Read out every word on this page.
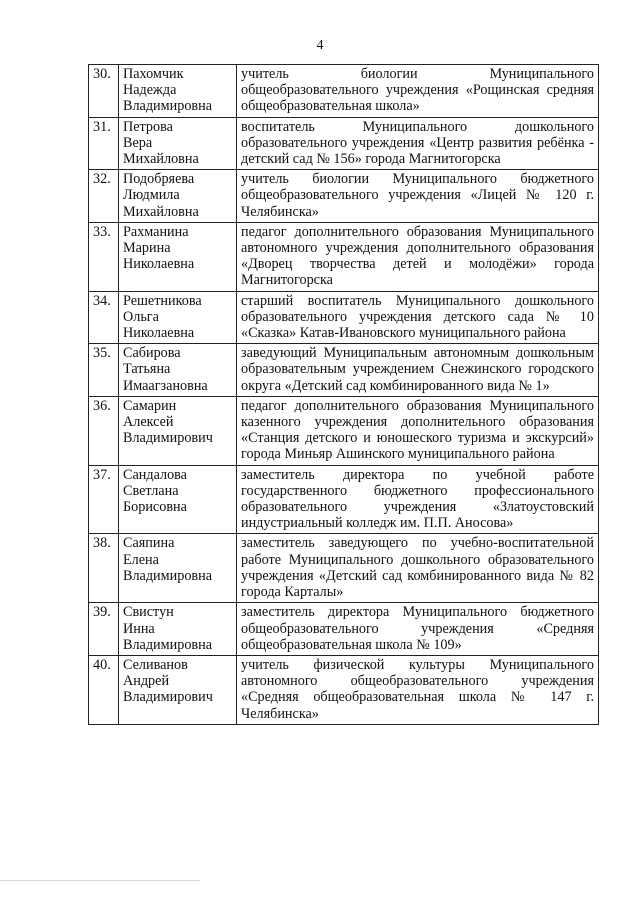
4
30.	Пахомчик
Надежда
Владимировна	учитель биологии Муниципального общеобразовательного учреждения «Рощинская средняя общеобразовательная школа»
31.	Петрова
Вера
Михайловна	воспитатель Муниципального дошкольного образовательного учреждения «Центр развития ребёнка - детский сад № 156» города Магнитогорска
32.	Подобряева
Людмила
Михайловна	учитель биологии Муниципального бюджетного общеобразовательного учреждения «Лицей № 120 г. Челябинска»
33.	Рахманина
Марина
Николаевна	педагог дополнительного образования Муниципального автономного учреждения дополнительного образования «Дворец творчества детей и молодёжи» города Магнитогорска
34.	Решетникова
Ольга
Николаевна	старший воспитатель Муниципального дошкольного образовательного учреждения детского сада № 10 «Сказка» Катав-Ивановского муниципального района
35.	Сабирова
Татьяна
Имаагзановна	заведующий Муниципальным автономным дошкольным образовательным учреждением Снежинского городского округа «Детский сад комбинированного вида № 1»
36.	Самарин
Алексей
Владимирович	педагог дополнительного образования Муниципального казенного учреждения дополнительного образования «Станция детского и юношеского туризма и экскурсий» города Миньяр Ашинского муниципального района
37.	Сандалова
Светлана
Борисовна	заместитель директора по учебной работе государственного бюджетного профессионального образовательного учреждения «Златоустовский индустриальный колледж им. П.П. Аносова»
38.	Саяпина
Елена
Владимировна	заместитель заведующего по учебно-воспитательной работе Муниципального дошкольного образовательного учреждения «Детский сад комбинированного вида № 82 города Карталы»
39.	Свистун
Инна
Владимировна	заместитель директора Муниципального бюджетного общеобразовательного учреждения «Средняя общеобразовательная школа № 109»
40.	Селиванов
Андрей
Владимирович	учитель физической культуры Муниципального автономного общеобразовательного учреждения «Средняя общеобразовательная школа № 147 г. Челябинска»
